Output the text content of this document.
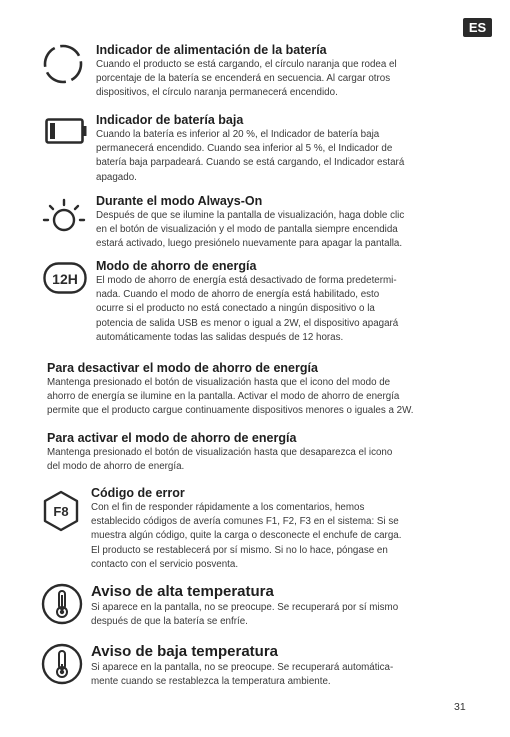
ES
Indicador de alimentación de la batería

Cuando el producto se está cargando, el círculo naranja que rodea el

porcentaje de la batería se encenderá en secuencia. Al cargar otros

dispositivos, el círculo naranja permanecerá encendido.

Indicador de batería baja

Cuando la batería es inferior al 20 %, el Indicador de batería baja

permanecerá encendido. Cuando sea inferior al 5 %, el Indicador de

batería baja parpadeará. Cuando se está cargando, el Indicador estará

apagado.

Durante el modo Always-On

Después de que se ilumine la pantalla de visualización, haga doble clic

en el botón de visualización y el modo de pantalla siempre encendida

estará activado, luego presiónelo nuevamente para apagar la pantalla.

12H
Modo de ahorro de energía

El modo de ahorro de energía está desactivado de forma predetermi-

nada. Cuando el modo de ahorro de energía está habilitado, esto

ocurre si el producto no está conectado a ningún dispositivo o la

potencia de salida USB es menor o igual a 2W, el dispositivo apagará

automáticamente todas las salidas después de 12 horas.

Para desactivar el modo de ahorro de energía

Mantenga presionado el botón de visualización hasta que el icono del modo de

ahorro de energía se ilumine en la pantalla. Activar el modo de ahorro de energía

permite que el producto cargue continuamente dispositivos menores o iguales a 2W.

Para activar el modo de ahorro de energía

Mantenga presionado el botón de visualización hasta que desaparezca el icono

del modo de ahorro de energía.

F8
Código de error

Con el fin de responder rápidamente a los comentarios, hemos

establecido códigos de avería comunes F1, F2, F3 en el sistema: Si se

muestra algún código, quite la carga o desconecte el enchufe de carga.

El producto se restablecerá por sí mismo. Si no lo hace, póngase en

contacto con el servicio posventa.

Aviso de alta temperatura

Si aparece en la pantalla, no se preocupe. Se recuperará por sí mismo

después de que la batería se enfríe.

Aviso de baja temperatura

Si aparece en la pantalla, no se preocupe. Se recuperará automática-

mente cuando se restablezca la temperatura ambiente.

31
